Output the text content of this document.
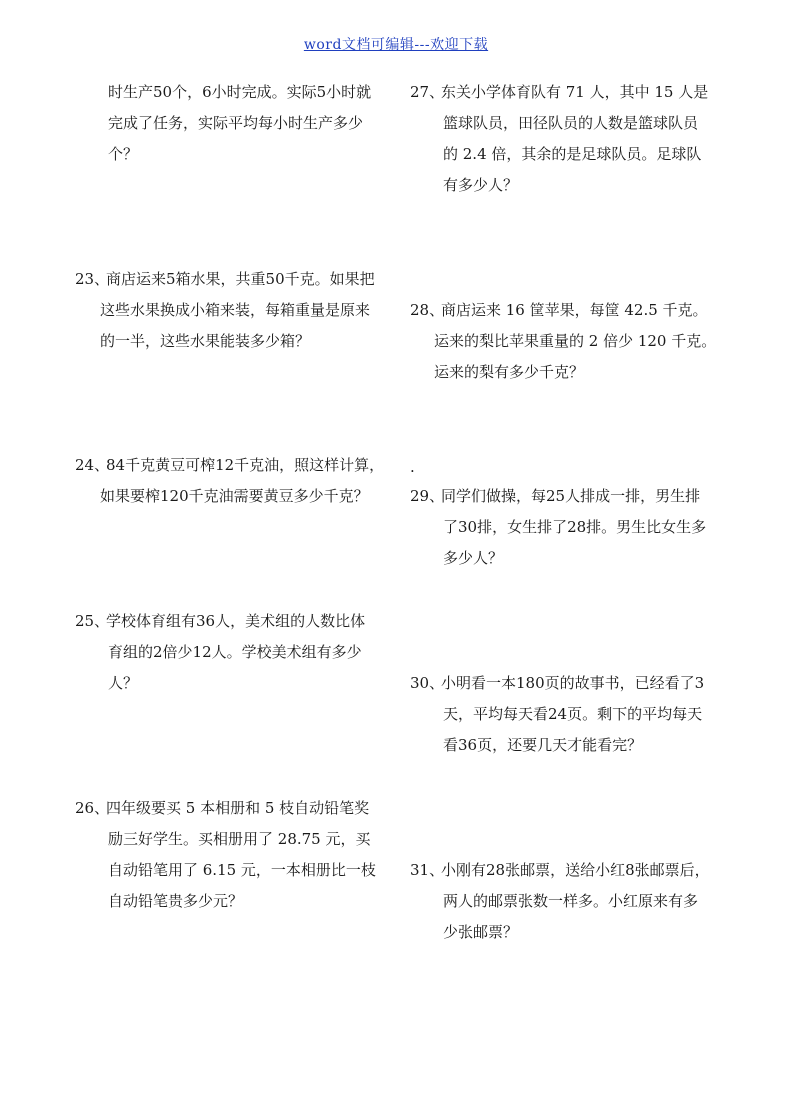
word文档可编辑---欢迎下载
时生产50个，6小时完成。实际5小时就
完成了任务，实际平均每小时生产多少
个？
23、
商店运来5箱水果，共重50千克。如果把
这些水果换成小箱来装，每箱重量是原来
的一半，这些水果能装多少箱？
24、
84千克黄豆可榨12千克油，照这样计算，
如果要榨120千克油需要黄豆多少千克？
25、
学校体育组有36人，美术组的人数比体
育组的2倍少12人。学校美术组有多少
人？
26、
四年级要买 5 本相册和 5 枝自动铅笔奖
励三好学生。买相册用了 28.75 元，买
自动铅笔用了 6.15 元，一本相册比一枝
自动铅笔贵多少元？
27、
东关小学体育队有 71 人，其中 15 人是
篮球队员，田径队员的人数是篮球队员
的 2.4 倍，其余的是足球队员。足球队
有多少人？
28、
商店运来 16 筐苹果，每筐 42.5 千克。
运来的梨比苹果重量的 2 倍少 120 千克。
运来的梨有多少千克？
.
29、
同学们做操，每25人排成一排，男生排
了30排，女生排了28排。男生比女生多
多少人？
30、
小明看一本180页的故事书，已经看了3
天，平均每天看24页。剩下的平均每天
看36页，还要几天才能看完？
31、
小刚有28张邮票，送给小红8张邮票后，
两人的邮票张数一样多。小红原来有多
少张邮票？
